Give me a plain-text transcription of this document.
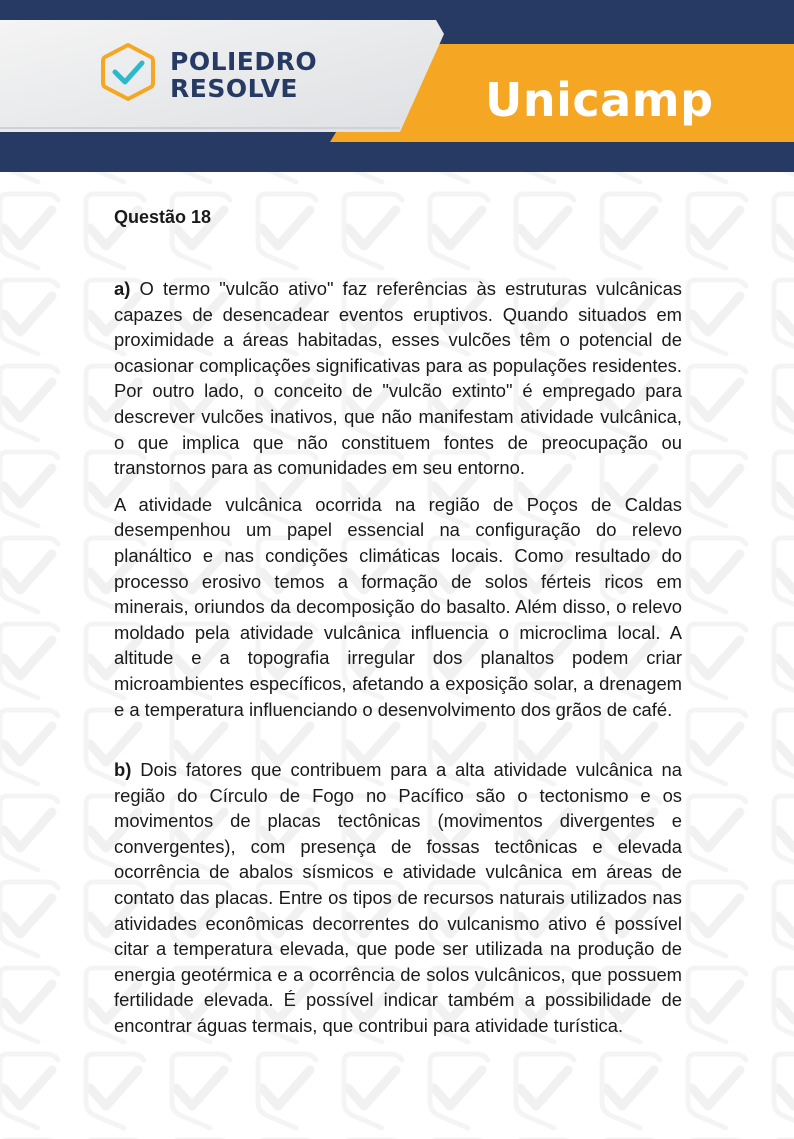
POLIEDRO
RESOLVE	Unicamp
Questão 18

a) O termo "vulcão ativo" faz referências às estruturas vulcânicas capazes de desencadear eventos eruptivos. Quando situados em proximidade a áreas habitadas, esses vulcões têm o potencial de ocasionar complicações significativas para as populações residentes. Por outro lado, o conceito de "vulcão extinto" é empregado para descrever vulcões inativos, que não manifestam atividade vulcânica, o que implica que não constituem fontes de preocupação ou transtornos para as comunidades em seu entorno.

A atividade vulcânica ocorrida na região de Poços de Caldas desempenhou um papel essencial na configuração do relevo planáltico e nas condições climáticas locais. Como resultado do processo erosivo temos a formação de solos férteis ricos em minerais, oriundos da decomposição do basalto. Além disso, o relevo moldado pela atividade vulcânica influencia o microclima local. A altitude e a topografia irregular dos planaltos podem criar microambientes específicos, afetando a exposição solar, a drenagem e a temperatura influenciando o desenvolvimento dos grãos de café.

b) Dois fatores que contribuem para a alta atividade vulcânica na região do Círculo de Fogo no Pacífico são o tectonismo e os movimentos de placas tectônicas (movimentos divergentes e convergentes), com presença de fossas tectônicas e elevada ocorrência de abalos sísmicos e atividade vulcânica em áreas de contato das placas. Entre os tipos de recursos naturais utilizados nas atividades econômicas decorrentes do vulcanismo ativo é possível citar a temperatura elevada, que pode ser utilizada na produção de energia geotérmica e a ocorrência de solos vulcânicos, que possuem fertilidade elevada. É possível indicar também a possibilidade de encontrar águas termais, que contribui para atividade turística.
